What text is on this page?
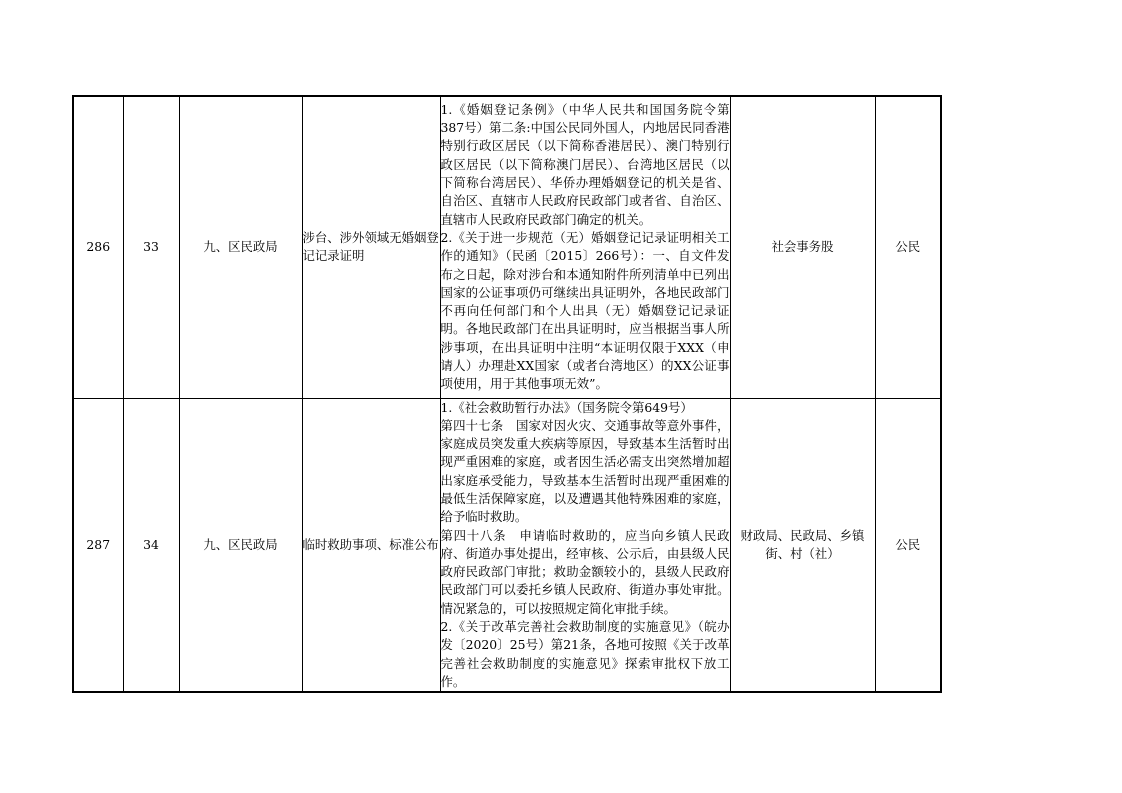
286	33	九、区民政局	涉台、涉外领域无婚姻登记记录证明	1.《婚姻登记条例》（中华人民共和国国务院令第387号）第二条:中国公民同外国人，内地居民同香港特别行政区居民（以下简称香港居民）、澳门特别行政区居民（以下简称澳门居民）、台湾地区居民（以下简称台湾居民）、华侨办理婚姻登记的机关是省、自治区、直辖市人民政府民政部门或者省、自治区、直辖市人民政府民政部门确定的机关。
2.《关于进一步规范（无）婚姻登记记录证明相关工作的通知》（民函〔2015〕266号）：一、自文件发布之日起，除对涉台和本通知附件所列清单中已列出国家的公证事项仍可继续出具证明外，各地民政部门不再向任何部门和个人出具（无）婚姻登记记录证明。各地民政部门在出具证明时，应当根据当事人所涉事项，在出具证明中注明“本证明仅限于XXX（申请人）办理赴XX国家（或者台湾地区）的XX公证事项使用，用于其他事项无效”。	社会事务股	公民
287	34	九、区民政局	临时救助事项、标准公布	1.《社会救助暂行办法》（国务院令第649号）
第四十七条　国家对因火灾、交通事故等意外事件，家庭成员突发重大疾病等原因，导致基本生活暂时出现严重困难的家庭，或者因生活必需支出突然增加超出家庭承受能力，导致基本生活暂时出现严重困难的最低生活保障家庭，以及遭遇其他特殊困难的家庭，给予临时救助。
第四十八条　申请临时救助的，应当向乡镇人民政府、街道办事处提出，经审核、公示后，由县级人民政府民政部门审批；救助金额较小的，县级人民政府民政部门可以委托乡镇人民政府、街道办事处审批。情况紧急的，可以按照规定简化审批手续。
2.《关于改革完善社会救助制度的实施意见》（皖办发〔2020〕25号）第21条，各地可按照《关于改革完善社会救助制度的实施意见》探索审批权下放工作。	财政局、民政局、乡镇街、村（社）	公民
